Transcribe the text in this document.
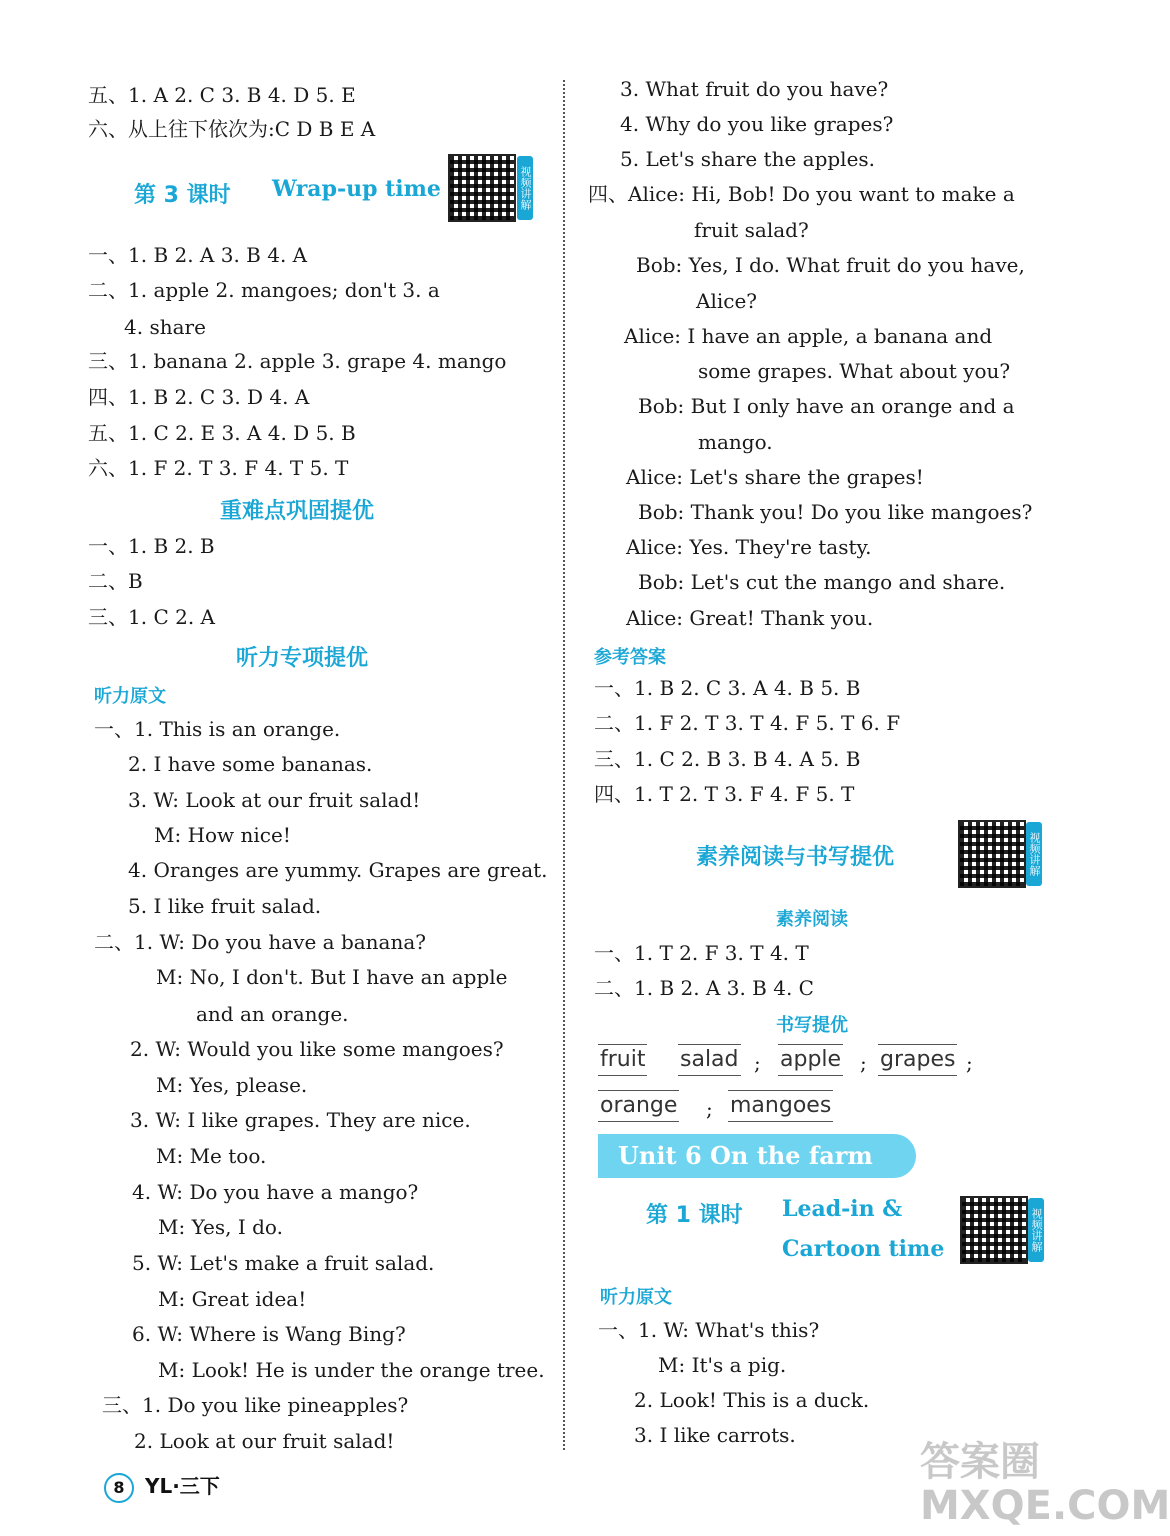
五、1. A 2. C 3. B 4. D 5. E
六、从上往下依次为:C D B E A
第 3 课时 Wrap-up time	视频讲解
一、1. B 2. A 3. B 4. A
二、1. apple 2. mangoes; don't 3. a
4. share
三、1. banana 2. apple 3. grape 4. mango
四、1. B 2. C 3. D 4. A
五、1. C 2. E 3. A 4. D 5. B
六、1. F 2. T 3. F 4. T 5. T
重难点巩固提优
一、1. B 2. B
二、B
三、1. C 2. A
听力专项提优
听力原文
一、1. This is an orange.
2. I have some bananas.
3. W: Look at our fruit salad!
M: How nice!
4. Oranges are yummy. Grapes are great.
5. I like fruit salad.
二、1. W: Do you have a banana?
M: No, I don't. But I have an apple
and an orange.
2. W: Would you like some mangoes?
M: Yes, please.
3. W: I like grapes. They are nice.
M: Me too.
4. W: Do you have a mango?
M: Yes, I do.
5. W: Let's make a fruit salad.
M: Great idea!
6. W: Where is Wang Bing?
M: Look! He is under the orange tree.
三、1. Do you like pineapples?
2. Look at our fruit salad!
3. What fruit do you have?
4. Why do you like grapes?
5. Let's share the apples.
四、Alice: Hi, Bob! Do you want to make a
fruit salad?
Bob: Yes, I do. What fruit do you have,
Alice?
Alice: I have an apple, a banana and
some grapes. What about you?
Bob: But I only have an orange and a
mango.
Alice: Let's share the grapes!
Bob: Thank you! Do you like mangoes?
Alice: Yes. They're tasty.
Bob: Let's cut the mango and share.
Alice: Great! Thank you.
参考答案
一、1. B 2. C 3. A 4. B 5. B
二、1. F 2. T 3. T 4. F 5. T 6. F
三、1. C 2. B 3. B 4. A 5. B
四、1. T 2. T 3. F 4. F 5. T
素养阅读与书写提优	视频讲解
素养阅读
一、1. T 2. F 3. T 4. T
二、1. B 2. A 3. B 4. C
书写提优
fruit salad ; apple ; grapes ;
orange ; mangoes
Unit 6 On the farm
第 1 课时 Lead-in &
Cartoon time	视频讲解
听力原文
一、1. W: What's this?
M: It's a pig.
2. Look! This is a duck.
3. I like carrots.
8 YL·三下
答案圈 MXQE.COM
